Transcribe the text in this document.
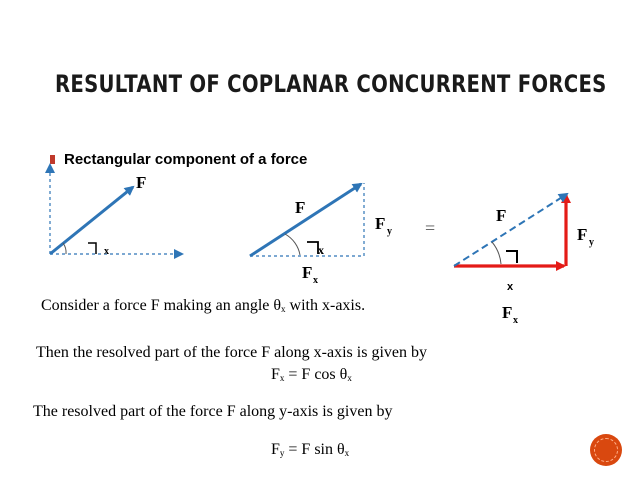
RESULTANT OF COPLANAR CONCURRENT FORCES
Rectangular component of a force
F
x
F
x
F y
F x
F
F y
x
F x
=
Consider a force F making an angle $\theta_x$ with x-axis.
Then the resolved part of the force F along x-axis is given by
$F_x = F$ $\cos \theta_x$
The resolved part of the force F along y-axis is given by
$F_y = F$ $\sin \theta_x$
